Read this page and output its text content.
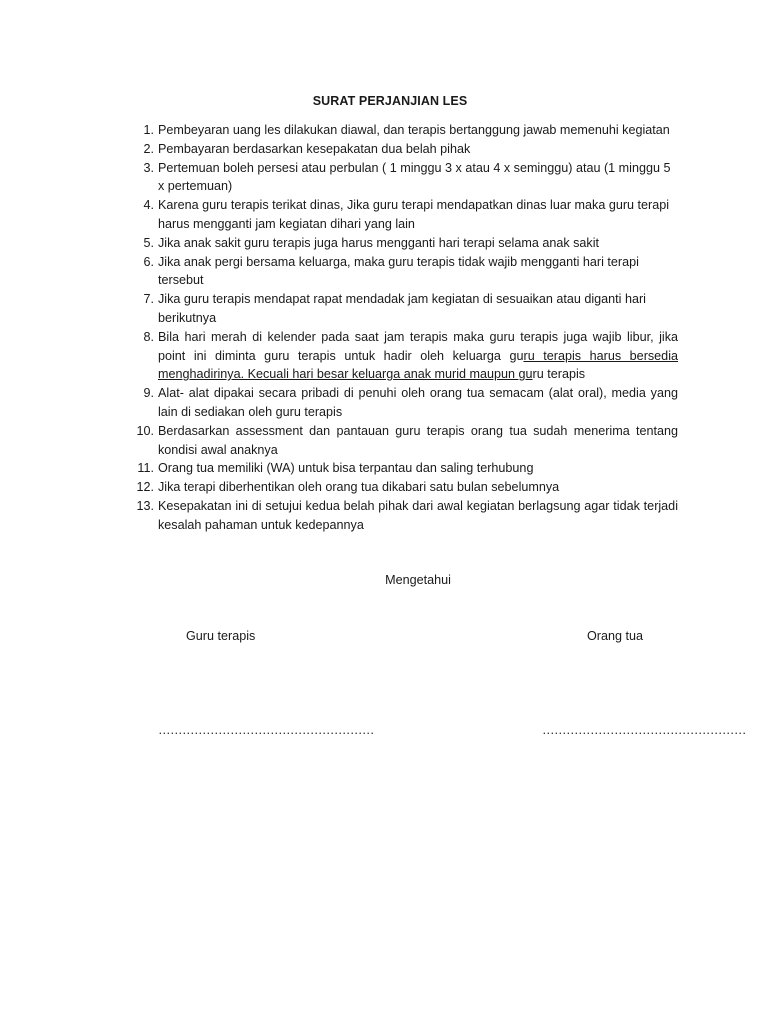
SURAT PERJANJIAN LES
1. Pembeyaran uang les dilakukan diawal, dan terapis bertanggung jawab memenuhi kegiatan
2. Pembayaran berdasarkan kesepakatan dua belah pihak
3. Pertemuan boleh persesi atau perbulan ( 1 minggu 3 x atau 4 x seminggu) atau (1 minggu 5 x pertemuan)
4. Karena guru terapis terikat dinas, Jika guru terapi mendapatkan dinas luar maka guru terapi harus mengganti jam kegiatan dihari yang lain
5. Jika anak sakit guru terapis juga harus mengganti hari terapi selama anak sakit
6. Jika anak pergi bersama keluarga, maka guru terapis tidak wajib mengganti hari terapi tersebut
7. Jika guru terapis mendapat rapat mendadak jam kegiatan di sesuaikan atau diganti hari berikutnya
8. Bila hari merah di kelender pada saat jam terapis maka guru terapis juga wajib libur, jika point ini diminta guru terapis untuk hadir oleh keluarga guru terapis harus bersedia menghadirinya. Kecuali hari besar keluarga anak murid maupun guru terapis
9. Alat- alat dipakai secara pribadi di penuhi oleh orang tua semacam (alat oral), media yang lain di sediakan oleh guru terapis
10. Berdasarkan assessment dan pantauan guru terapis orang tua sudah menerima tentang kondisi awal anaknya
11. Orang tua memiliki (WA) untuk bisa terpantau dan saling terhubung
12. Jika terapi diberhentikan oleh orang tua dikabari satu bulan sebelumnya
13. Kesepakatan ini di setujui kedua belah pihak dari awal kegiatan berlagsung agar tidak terjadi kesalah pahaman untuk kedepannya
Mengetahui
Guru terapis	Orang tua
………………………………………………	……………………………………………
